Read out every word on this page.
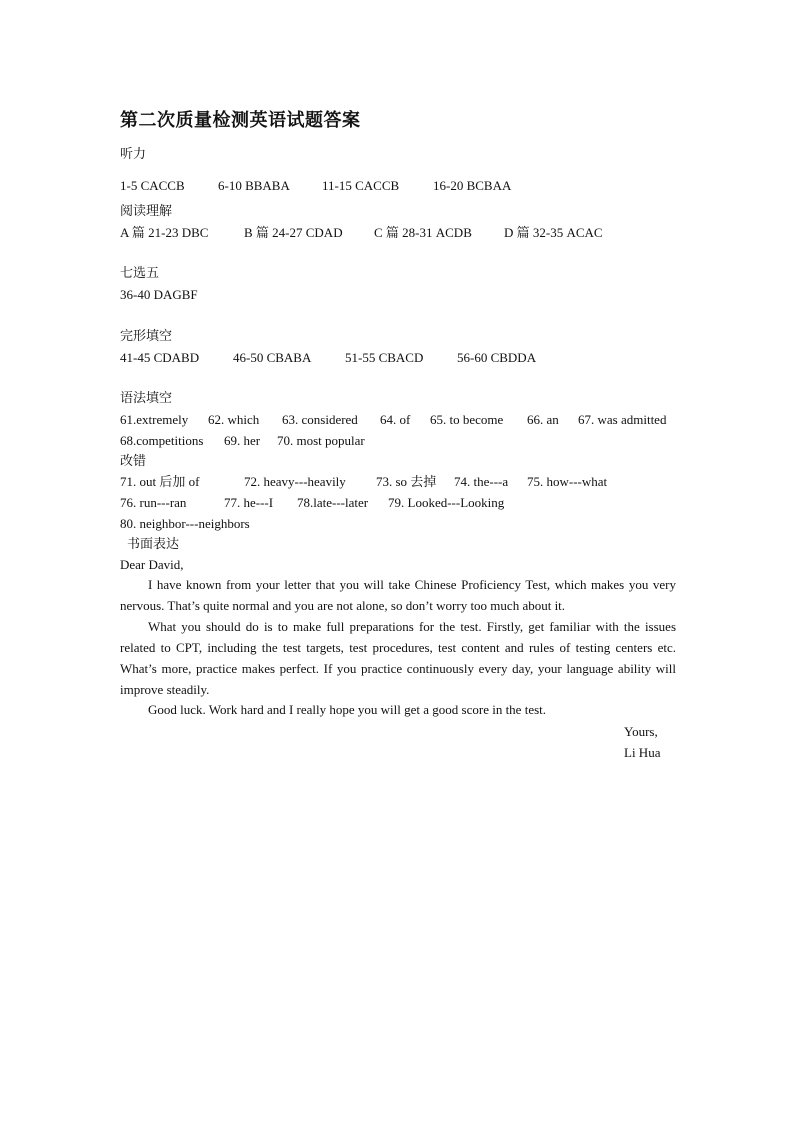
第二次质量检测英语试题答案
听力
1-5 CACCB	6-10 BBABA 11-15 CACCB	16-20 BCBAA
阅读理解
A 篇 21-23 DBC	B 篇 24-27 CDAD C 篇 28-31 ACDB D 篇 32-35 ACAC
七选五
36-40 DAGBF
完形填空
41-45 CDABD	46-50 CBABA	51-55 CBACD	56-60 CBDDA
语法填空
61.extremely 62. which 63. considered 64. of 65. to become 66. an 67. was admitted
68.competitions 69. her 70. most popular
改错
71. out 后加 of	72. heavy---heavily 73. so 去掉 74. the---a 75. how---what
76. run---ran	77. he---I 78.late---later 79. Looked---Looking
80. neighbor---neighbors
书面表达
Dear David,
I have known from your letter that you will take Chinese Proficiency Test, which makes you very nervous. That’s quite normal and you are not alone, so don’t worry too much about it.
What you should do is to make full preparations for the test. Firstly, get familiar with the issues related to CPT, including the test targets, test procedures, test content and rules of testing centers etc. What’s more, practice makes perfect. If you practice continuously every day, your language ability will improve steadily.
Good luck. Work hard and I really hope you will get a good score in the test.
Yours,
Li Hua
